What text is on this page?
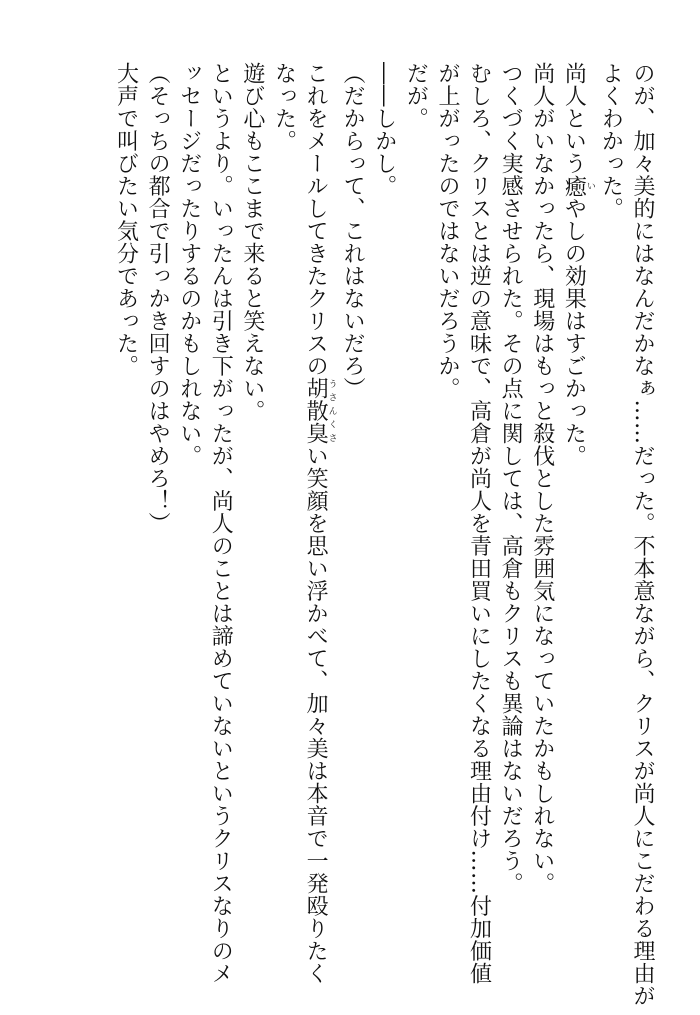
のが、加々美的にはなんだかなぁ……だった。不本意ながら、クリスが尚人にこだわる理由が
よくわかった。
尚人という癒いやしの効果はすごかった。
尚人がいなかったら、現場はもっと殺伐とした雰囲気になっていたかもしれない。
つくづく実感させられた。その点に関しては、高倉もクリスも異論はないだろう。
むしろ、クリスとは逆の意味で、高倉が尚人を青田買いにしたくなる理由付け……付加価値
が上がったのではないだろうか。
だが。
――しかし。
（だからって、これはないだろ）
これをメールしてきたクリスの胡散臭うさんくさい笑顔を思い浮かべて、加々美は本音で一発殴りたく
なった。
遊び心もここまで来ると笑えない。
というより。いったんは引き下がったが、尚人のことは諦めていないというクリスなりのメ
ッセージだったりするのかもしれない。
（そっちの都合で引っかき回すのはやめろ！）
大声で叫びたい気分であった。
